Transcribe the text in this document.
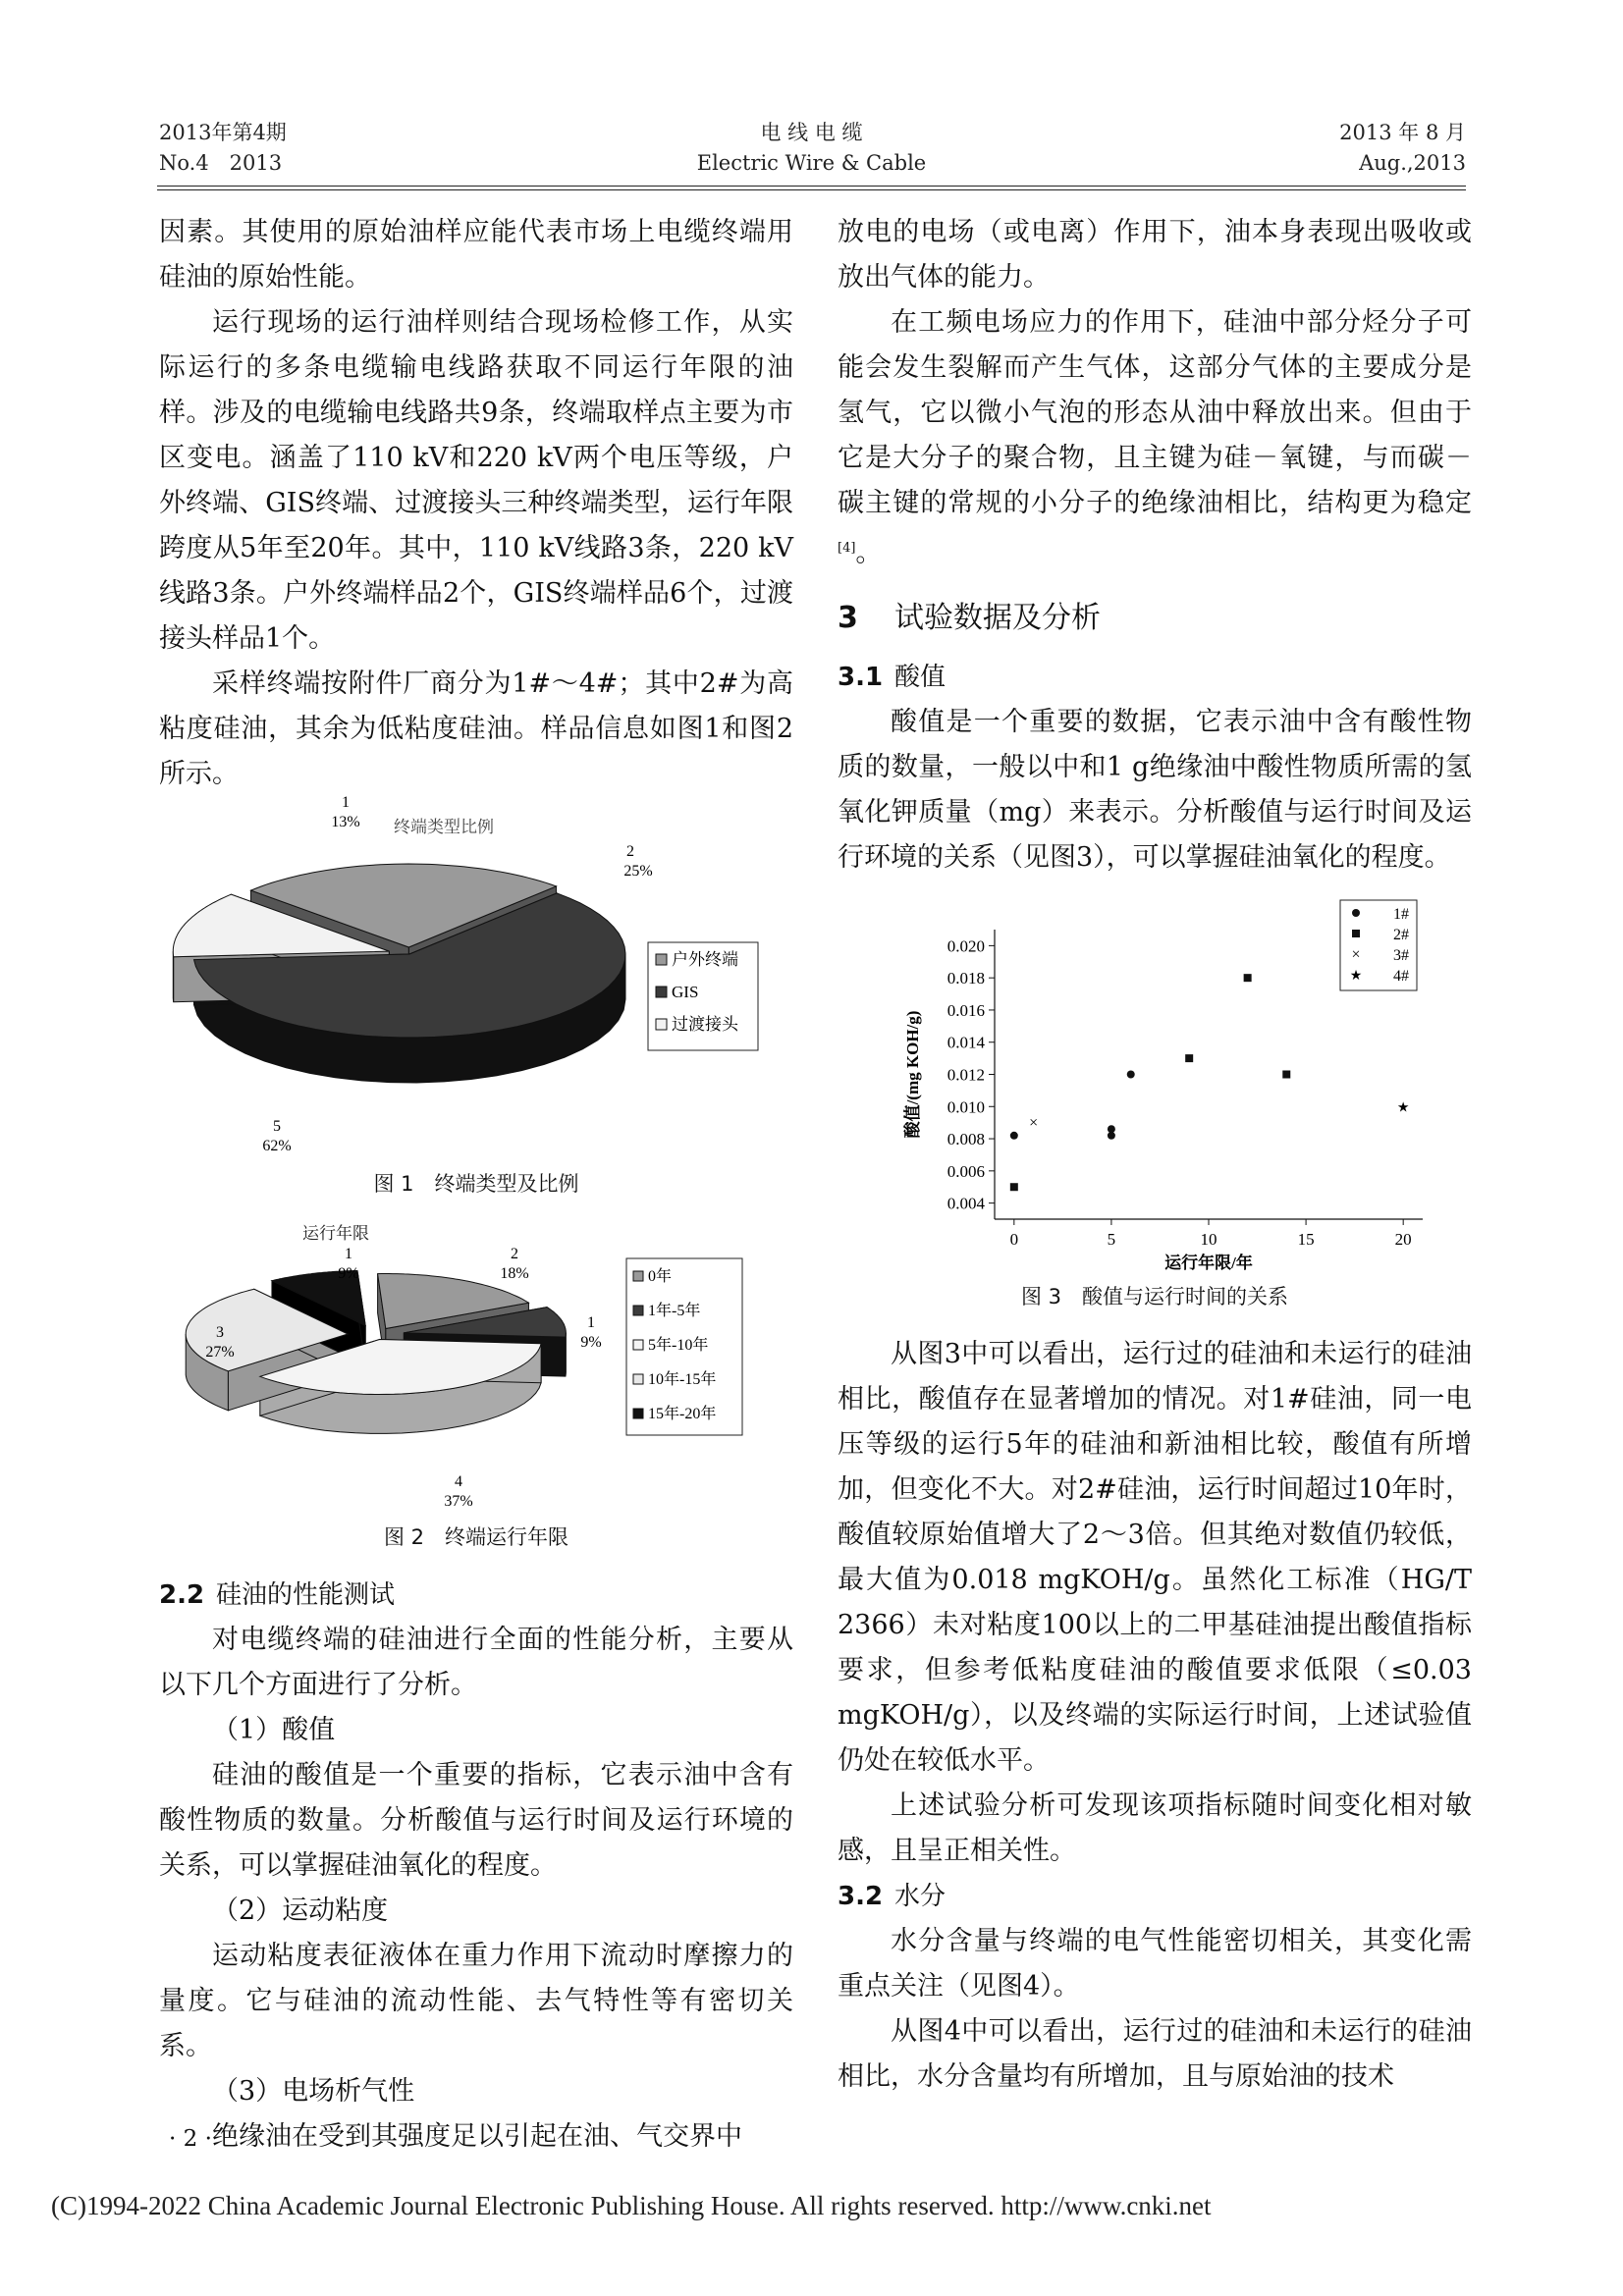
2013年第4期
No.4　2013
电 线 电 缆
Electric Wire & Cable
2013 年 8 月
Aug.,2013

因素。其使用的原始油样应能代表市场上电缆终端用硅油的原始性能。

运行现场的运行油样则结合现场检修工作，从实际运行的多条电缆输电线路获取不同运行年限的油样。涉及的电缆输电线路共9条，终端取样点主要为市区变电。涵盖了110 kV和220 kV两个电压等级，户外终端、GIS终端、过渡接头三种终端类型，运行年限跨度从5年至20年。其中，110 kV线路3条，220 kV线路3条。户外终端样品2个，GIS终端样品6个，过渡接头样品1个。

采样终端按附件厂商分为1#～4#；其中2#为高粘度硅油，其余为低粘度硅油。样品信息如图1和图2所示。

终端类型比例
2
25%
5
62%
1
13%
户外终端
GIS
过渡接头
图 1　终端类型及比例
运行年限
2
18%
1
9%
4
37%
3
27%
1
9%	0年
1年-5年
5年-10年
10年-15年
15年-20年
图 2　终端运行年限
2.2 硅油的性能测试

对电缆终端的硅油进行全面的性能分析，主要从以下几个方面进行了分析。

（1）酸值

硅油的酸值是一个重要的指标，它表示油中含有酸性物质的数量。分析酸值与运行时间及运行环境的关系，可以掌握硅油氧化的程度。

（2）运动粘度

运动粘度表征液体在重力作用下流动时摩擦力的量度。它与硅油的流动性能、去气特性等有密切关系。

（3）电场析气性

绝缘油在受到其强度足以引起在油、气交界中

放电的电场（或电离）作用下，油本身表现出吸收或放出气体的能力。

在工频电场应力的作用下，硅油中部分烃分子可能会发生裂解而产生气体，这部分气体的主要成分是氢气，它以微小气泡的形态从油中释放出来。但由于它是大分子的聚合物，且主键为硅－氧键，与而碳－碳主键的常规的小分子的绝缘油相比，结构更为稳定[4]。

3 试验数据及分析
3.1 酸值

酸值是一个重要的数据，它表示油中含有酸性物质的数量，一般以中和1 g绝缘油中酸性物质所需的氢氧化钾质量（mg）来表示。分析酸值与运行时间及运行环境的关系（见图3），可以掌握硅油氧化的程度。

0.004
0.006
0.008
0.010
0.012
0.014
0.016
0.018
0.020
0	5	10	15	20
运行年限/年
酸值/(mg KOH/g)	×
★
1#
2#
× 3#
★ 4#
图 3　酸值与运行时间的关系

从图3中可以看出，运行过的硅油和未运行的硅油相比，酸值存在显著增加的情况。对1#硅油，同一电压等级的运行5年的硅油和新油相比较，酸值有所增加，但变化不大。对2#硅油，运行时间超过10年时，酸值较原始值增大了2～3倍。但其绝对数值仍较低，最大值为0.018 mgKOH/g。虽然化工标准（HG/T 2366）未对粘度100以上的二甲基硅油提出酸值指标要求，但参考低粘度硅油的酸值要求低限（≤0.03 mgKOH/g），以及终端的实际运行时间，上述试验值仍处在较低水平。

上述试验分析可发现该项指标随时间变化相对敏感，且呈正相关性。

3.2 水分

水分含量与终端的电气性能密切相关，其变化需重点关注（见图4）。

从图4中可以看出，运行过的硅油和未运行的硅油相比，水分含量均有所增加，且与原始油的技术

· 2 ·
(C)1994-2022 China Academic Journal Electronic Publishing House. All rights reserved. http://www.cnki.net
